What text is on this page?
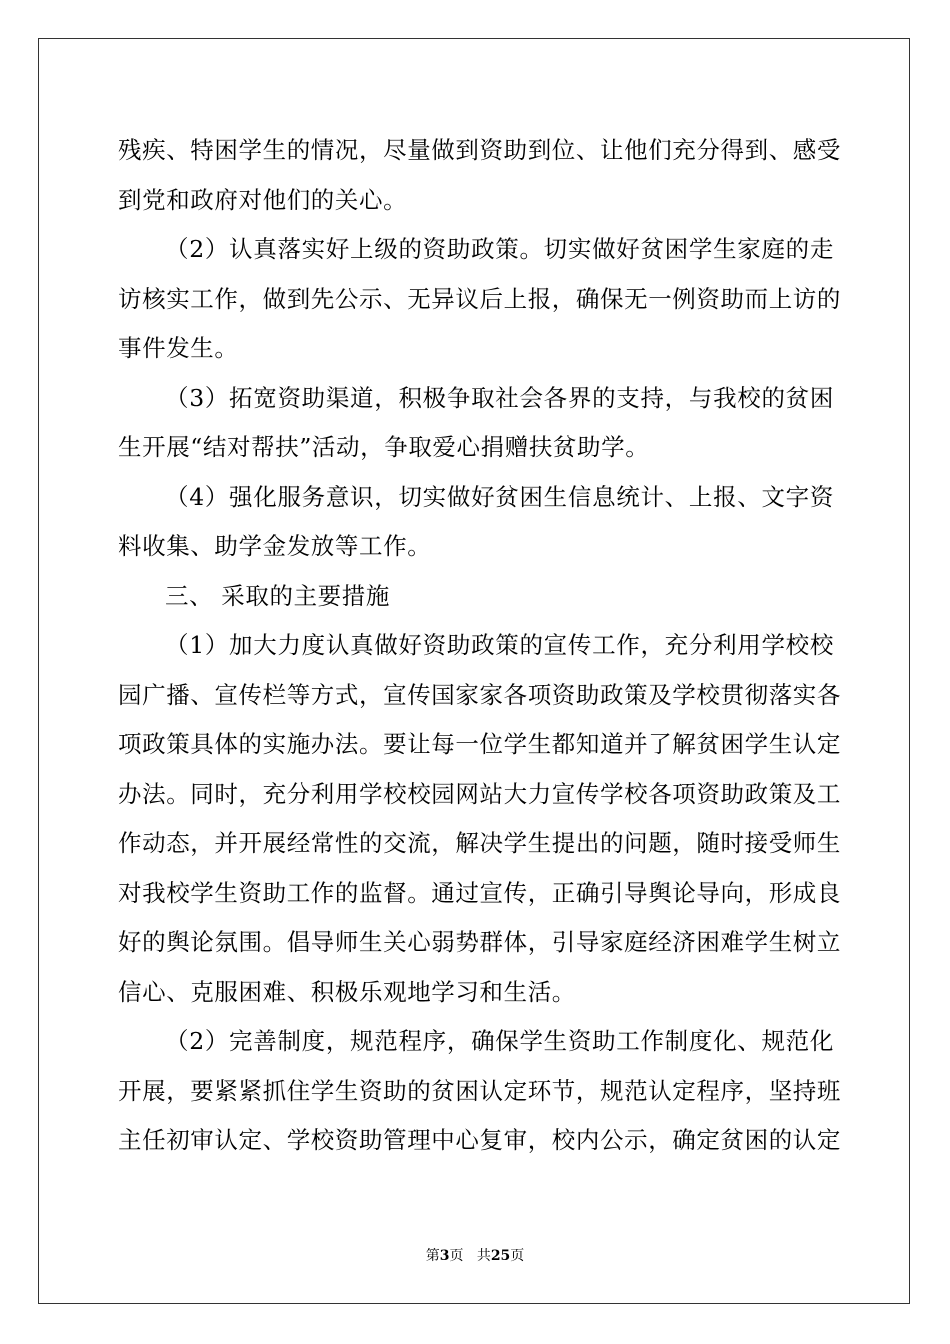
残疾、特困学生的情况，尽量做到资助到位、让他们充分得到、感受
到党和政府对他们的关心。
（2）认真落实好上级的资助政策。切实做好贫困学生家庭的走
访核实工作，做到先公示、无异议后上报，确保无一例资助而上访的
事件发生。
（3）拓宽资助渠道，积极争取社会各界的支持，与我校的贫困
生开展“结对帮扶”活动，争取爱心捐赠扶贫助学。
（4）强化服务意识，切实做好贫困生信息统计、上报、文字资
料收集、助学金发放等工作。
三、 采取的主要措施
（1）加大力度认真做好资助政策的宣传工作，充分利用学校校
园广播、宣传栏等方式，宣传国家家各项资助政策及学校贯彻落实各
项政策具体的实施办法。要让每一位学生都知道并了解贫困学生认定
办法。同时，充分利用学校校园网站大力宣传学校各项资助政策及工
作动态，并开展经常性的交流，解决学生提出的问题，随时接受师生
对我校学生资助工作的监督。通过宣传，正确引导舆论导向，形成良
好的舆论氛围。倡导师生关心弱势群体，引导家庭经济困难学生树立
信心、克服困难、积极乐观地学习和生活。
（2）完善制度，规范程序，确保学生资助工作制度化、规范化
开展，要紧紧抓住学生资助的贫困认定环节，规范认定程序，坚持班
主任初审认定、学校资助管理中心复审，校内公示，确定贫困的认定
第3页 共25页
